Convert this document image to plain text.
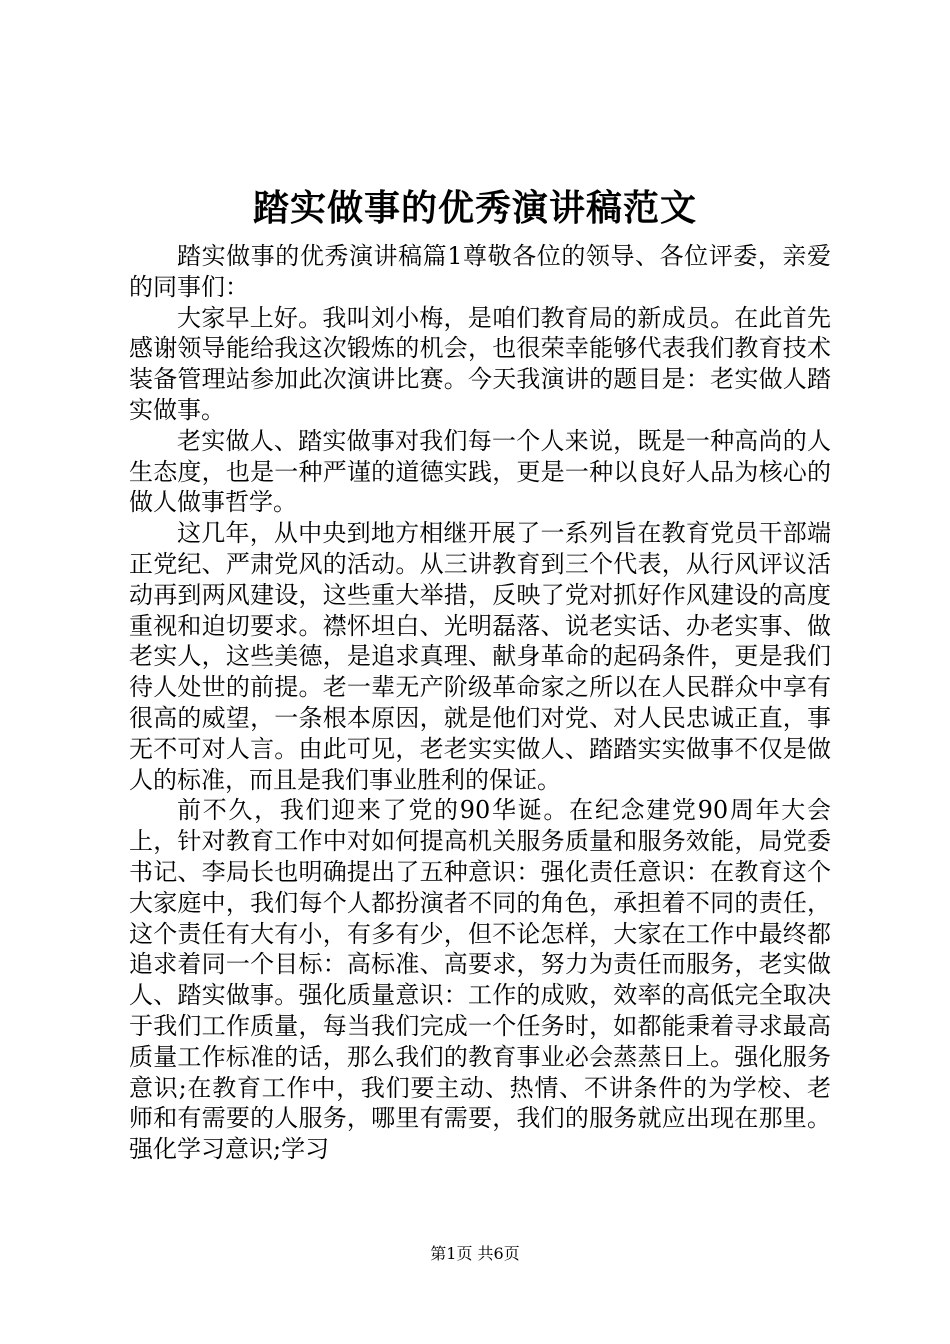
踏实做事的优秀演讲稿范文

踏实做事的优秀演讲稿篇1尊敬各位的领导、各位评委，亲爱的同事们：

大家早上好。我叫刘小梅，是咱们教育局的新成员。在此首先感谢领导能给我这次锻炼的机会，也很荣幸能够代表我们教育技术装备管理站参加此次演讲比赛。今天我演讲的题目是：老实做人踏实做事。

老实做人、踏实做事对我们每一个人来说，既是一种高尚的人生态度，也是一种严谨的道德实践，更是一种以良好人品为核心的做人做事哲学。

这几年，从中央到地方相继开展了一系列旨在教育党员干部端正党纪、严肃党风的活动。从三讲教育到三个代表，从行风评议活动再到两风建设，这些重大举措，反映了党对抓好作风建设的高度重视和迫切要求。襟怀坦白、光明磊落、说老实话、办老实事、做老实人，这些美德，是追求真理、献身革命的起码条件，更是我们待人处世的前提。老一辈无产阶级革命家之所以在人民群众中享有很高的威望，一条根本原因，就是他们对党、对人民忠诚正直，事无不可对人言。由此可见，老老实实做人、踏踏实实做事不仅是做人的标准，而且是我们事业胜利的保证。

前不久，我们迎来了党的90华诞。在纪念建党90周年大会上，针对教育工作中对如何提高机关服务质量和服务效能，局党委书记、李局长也明确提出了五种意识：强化责任意识：在教育这个大家庭中，我们每个人都扮演者不同的角色，承担着不同的责任，这个责任有大有小，有多有少，但不论怎样，大家在工作中最终都追求着同一个目标：高标准、高要求，努力为责任而服务，老实做人、踏实做事。强化质量意识：工作的成败，效率的高低完全取决于我们工作质量，每当我们完成一个任务时，如都能秉着寻求最高质量工作标准的话，那么我们的教育事业必会蒸蒸日上。强化服务意识;在教育工作中，我们要主动、热情、不讲条件的为学校、老师和有需要的人服务，哪里有需要，我们的服务就应出现在那里。强化学习意识;学习

第1页 共6页
